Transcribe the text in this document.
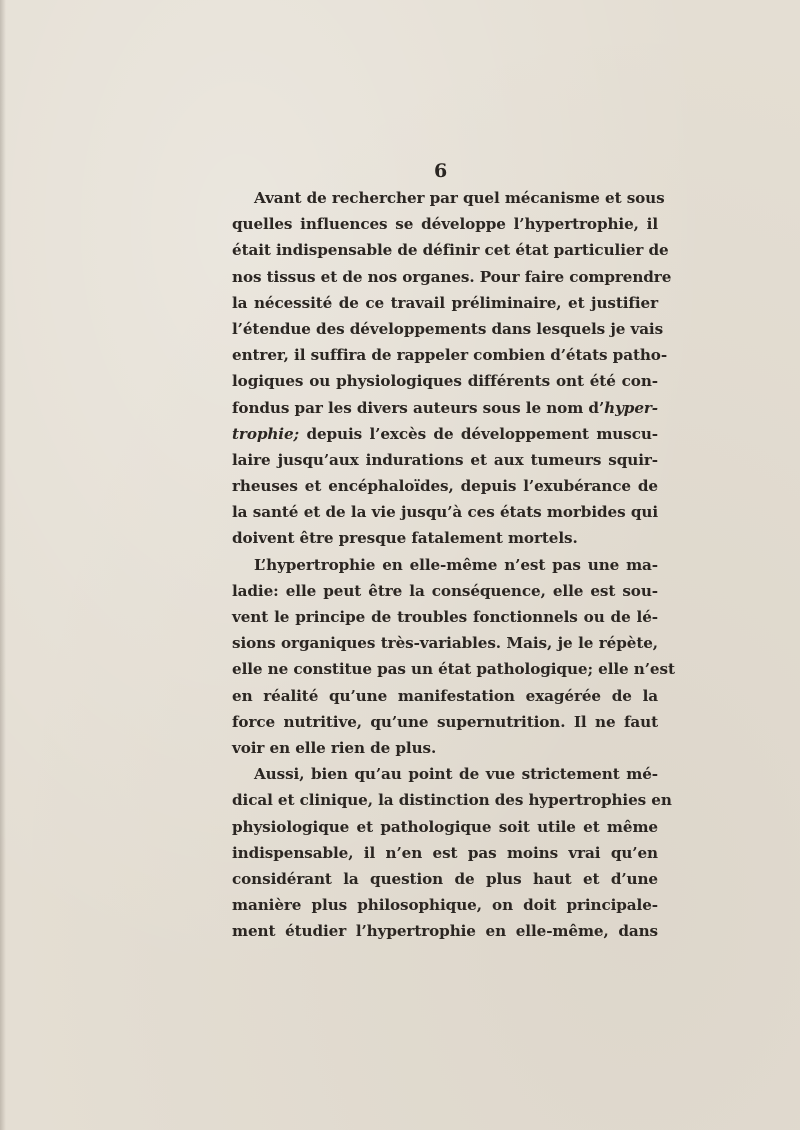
6
Avant de rechercher par quel mécanisme et sous
quelles influences se développe l’hypertrophie, il
était indispensable de définir cet état particulier de
nos tissus et de nos organes. Pour faire comprendre
la nécessité de ce travail préliminaire, et justifier
l’étendue des développements dans lesquels je vais
entrer, il suffira de rappeler combien d’états patho-
logiques ou physiologiques différents ont été con-
fondus par les divers auteurs sous le nom d’hyper-
trophie; depuis l’excès de développement muscu-
laire jusqu’aux indurations et aux tumeurs squir-
rheuses et encéphaloïdes, depuis l’exubérance de
la santé et de la vie jusqu’à ces états morbides qui
doivent être presque fatalement mortels.
L’hypertrophie en elle-même n’est pas une ma-
ladie: elle peut être la conséquence, elle est sou-
vent le principe de troubles fonctionnels ou de lé-
sions organiques très-variables. Mais, je le répète,
elle ne constitue pas un état pathologique; elle n’est
en réalité qu’une manifestation exagérée de la
force nutritive, qu’une supernutrition. Il ne faut
voir en elle rien de plus.
Aussi, bien qu’au point de vue strictement mé-
dical et clinique, la distinction des hypertrophies en
physiologique et pathologique soit utile et même
indispensable, il n’en est pas moins vrai qu’en
considérant la question de plus haut et d’une
manière plus philosophique, on doit principale-
ment étudier l’hypertrophie en elle-même, dans
